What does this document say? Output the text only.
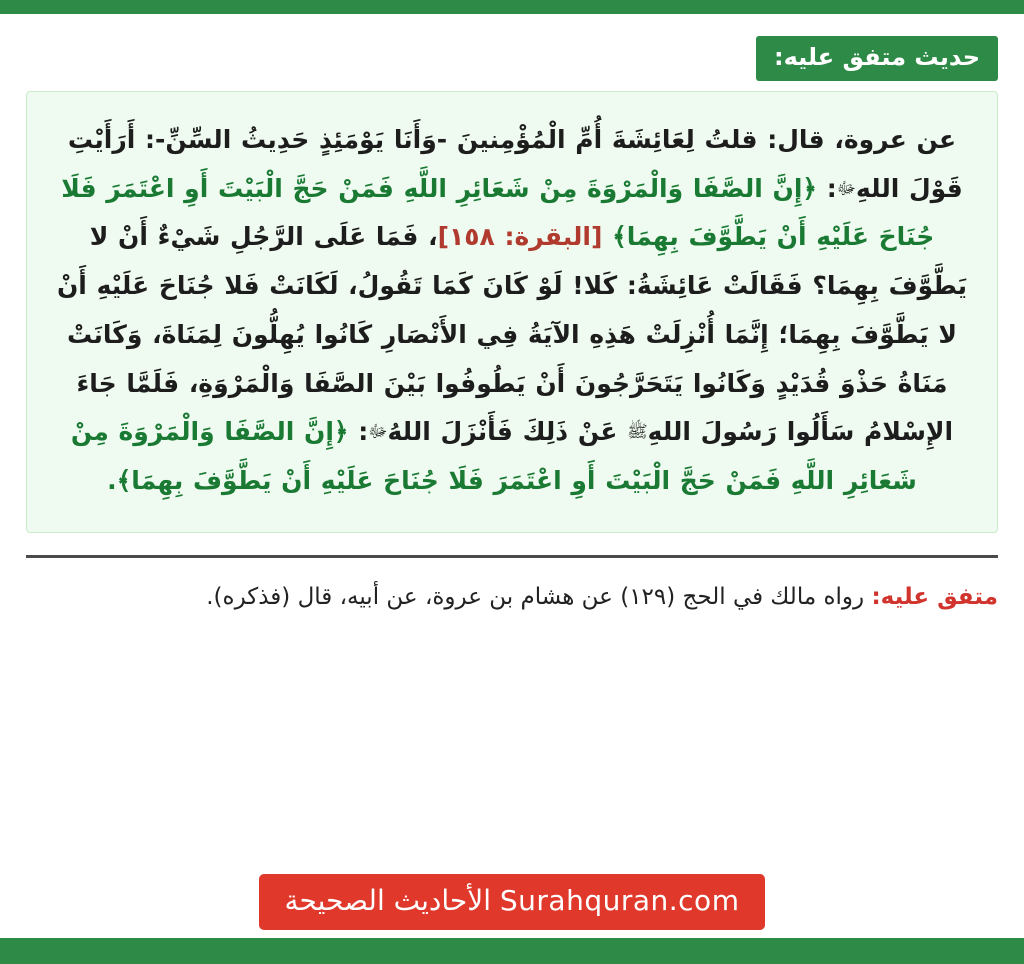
حديث متفق عليه:

عن عروة، قال: قلتُ لِعَائِشَةَ أُمِّ الْمُؤْمِنينَ -وَأَنَا يَوْمَئِذٍ حَدِيثُ السِّنِّ-: أَرَأَيْتِ قَوْلَ اللهِﷻ: ﴿إِنَّ الصَّفَا وَالْمَرْوَةَ مِنْ شَعَائِرِ اللَّهِ فَمَنْ حَجَّ الْبَيْتَ أَوِ اعْتَمَرَ فَلَا جُنَاحَ عَلَيْهِ أَنْ يَطَّوَّفَ بِهِمَا﴾ [البقرة: ١٥٨]، فَمَا عَلَى الرَّجُلِ شَيْءٌ أَنْ لا يَطَّوَّفَ بِهِمَا؟ فَقَالَتْ عَائِشَةُ: كَلا! لَوْ كَانَ كَمَا تَقُولُ، لَكَانَتْ فَلا جُنَاحَ عَلَيْهِ أَنْ لا يَطَّوَّفَ بِهِمَا؛ إِنَّمَا أُنْزِلَتْ هَذِهِ الآيَةُ فِي الأَنْصَارِ كَانُوا يُهِلُّونَ لِمَنَاةَ، وَكَانَتْ مَنَاةُ حَذْوَ قُدَيْدٍ وَكَانُوا يَتَحَرَّجُونَ أَنْ يَطُوفُوا بَيْنَ الصَّفَا وَالْمَرْوَةِ، فَلَمَّا جَاءَ الإِسْلامُ سَأَلُوا رَسُولَ اللهِﷺ عَنْ ذَلِكَ فَأَنْزَلَ اللهُﷻ: ﴿إِنَّ الصَّفَا وَالْمَرْوَةَ مِنْ شَعَائِرِ اللَّهِ فَمَنْ حَجَّ الْبَيْتَ أَوِ اعْتَمَرَ فَلَا جُنَاحَ عَلَيْهِ أَنْ يَطَّوَّفَ بِهِمَا﴾.

متفق عليه: رواه مالك في الحج (١٢٩) عن هشام بن عروة، عن أبيه، قال (فذكره).

Surahquran.com الأحاديث الصحيحة
